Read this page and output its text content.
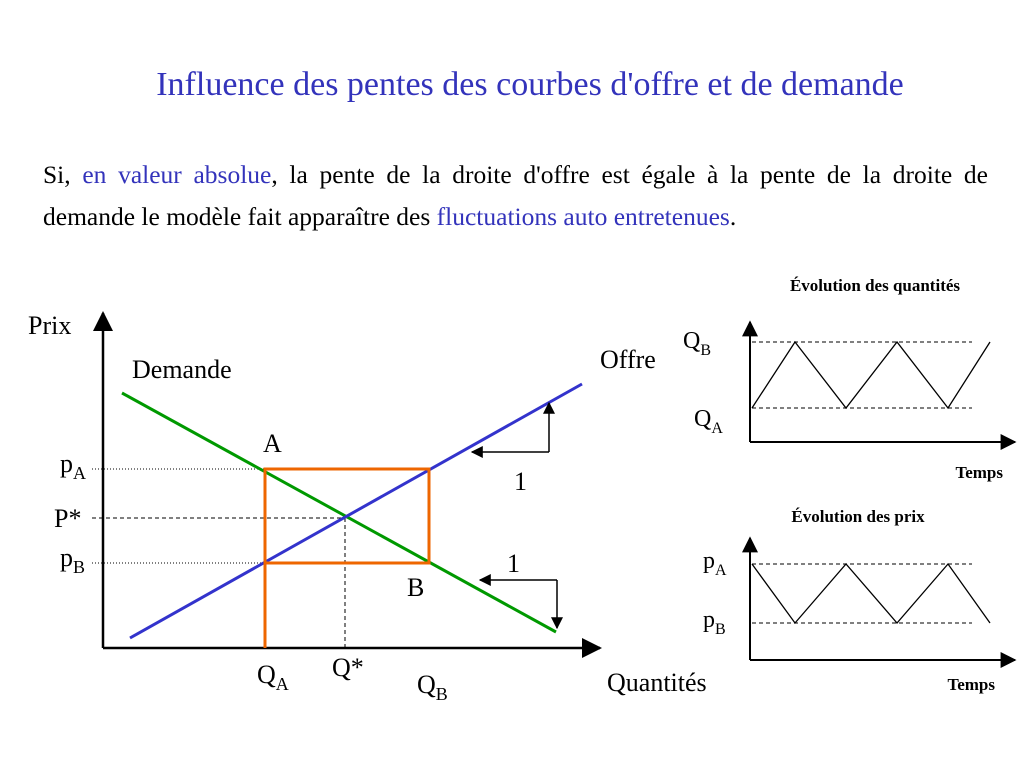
Influence des pentes des courbes d'offre et de demande
Si, en valeur absolue, la pente de la droite d'offre est égale à la pente de la droite de demande le modèle fait apparaître des fluctuations auto entretenues.
Prix
Quantités
Demande	Offre
A
B
1
1
$p_A$
P*
$p_B$
$Q_A$
Q*
$Q_B$
Évolution des quantités
$Q_B$
$Q_A$
Temps
Évolution des prix
$p_A$
$p_B$
Temps
